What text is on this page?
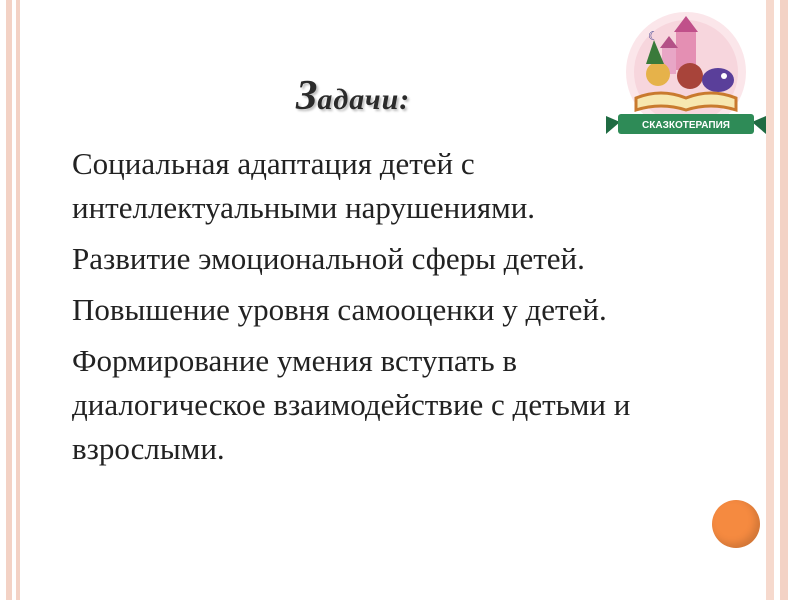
Задачи:
СКАЗКОТЕРАПИЯ
☾
Социальная адаптация детей с интеллектуальными нарушениями.
Развитие эмоциональной сферы детей.
Повышение уровня самооценки у детей.
Формирование умения вступать в диалогическое взаимодействие с детьми и взрослыми.
